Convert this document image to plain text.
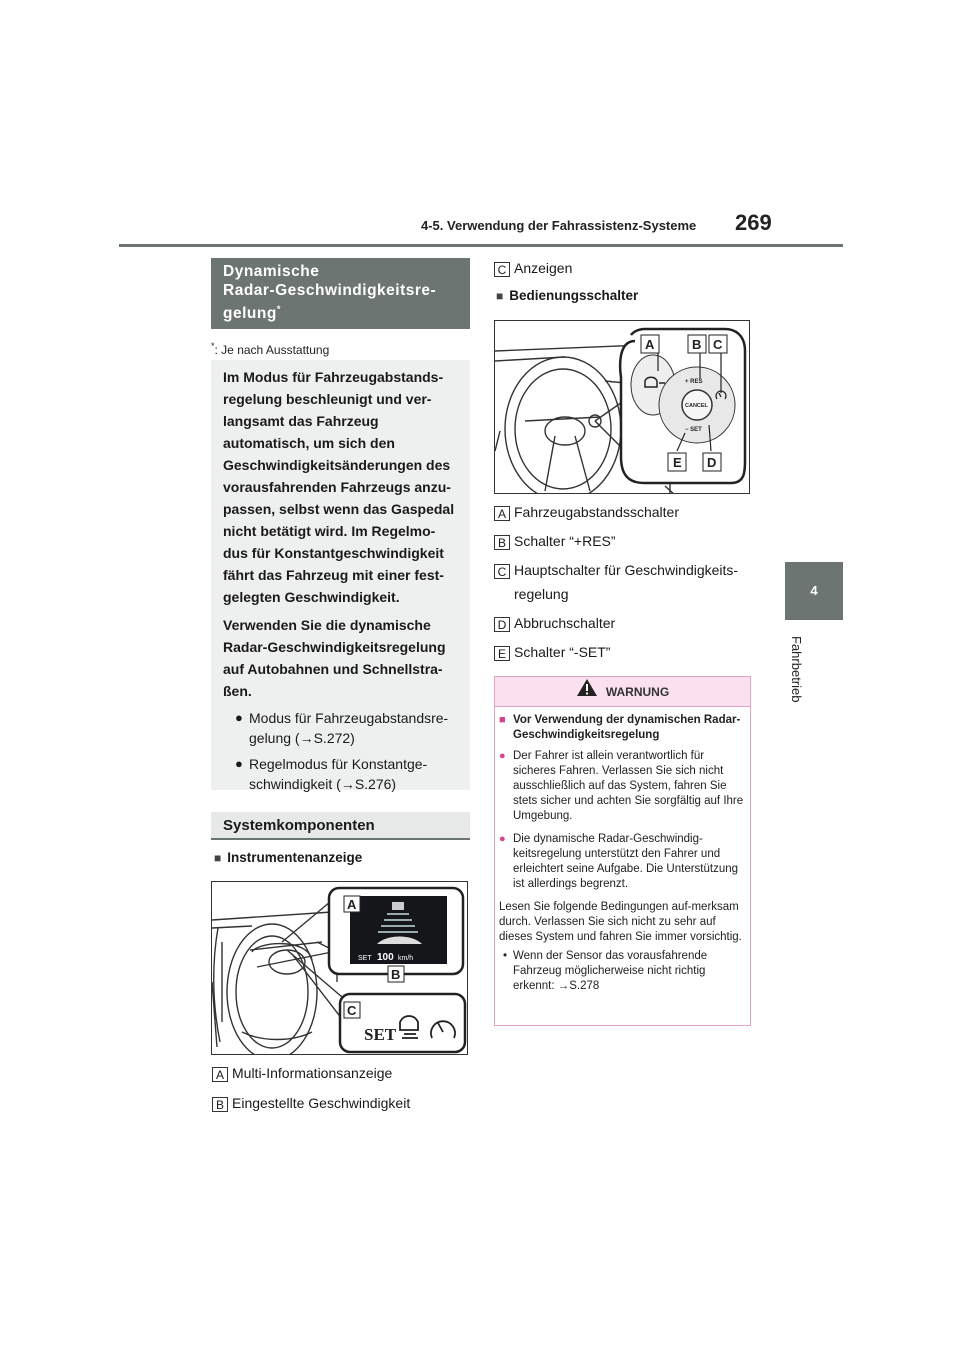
4-5. Verwendung der Fahrassistenz-Systeme 269
4
Fahrbetrieb
Dynamische
Radar-Geschwindigkeitsre-
gelung*
*: Je nach Ausstattung

Im Modus für Fahrzeugabstands-regelung beschleunigt und ver-langsamt das Fahrzeug automatisch, um sich den Geschwindigkeitsänderungen des vorausfahrenden Fahrzeugs anzu-passen, selbst wenn das Gaspedal nicht betätigt wird. Im Regelmo-dus für Konstantgeschwindigkeit fährt das Fahrzeug mit einer fest-gelegten Geschwindigkeit.

Verwenden Sie die dynamische Radar-Geschwindigkeitsregelung auf Autobahnen und Schnellstra-ßen.

● Modus für Fahrzeugabstandsre-gelung (→S.272)
● Regelmodus für Konstantge-schwindigkeit (→S.276)
Systemkomponenten
■ Instrumentenanzeige
SET 100 km/h
SET
A
B
C
A Multi-Informationsanzeige
B Eingestellte Geschwindigkeit
C Anzeigen
■ Bedienungsschalter
CANCEL
+ RES
− SET
A	B C
E D
A Fahrzeugabstandsschalter
B Schalter “+RES”
C Hauptschalter für Geschwindigkeits-
regelung
D Abbruchschalter
E Schalter “-SET”
WARNUNG
■ Vor Verwendung der dynamischen Radar-Geschwindigkeitsregelung
● Der Fahrer ist allein verantwortlich für sicheres Fahren. Verlassen Sie sich nicht ausschließlich auf das System, fahren Sie stets sicher und achten Sie sorgfältig auf Ihre Umgebung.
● Die dynamische Radar-Geschwindig-keitsregelung unterstützt den Fahrer und erleichtert seine Aufgabe. Die Unterstützung ist allerdings begrenzt.
Lesen Sie folgende Bedingungen auf-merksam durch. Verlassen Sie sich nicht zu sehr auf dieses System und fahren Sie immer vorsichtig.
• Wenn der Sensor das vorausfahrende Fahrzeug möglicherweise nicht richtig erkennt: →S.278
